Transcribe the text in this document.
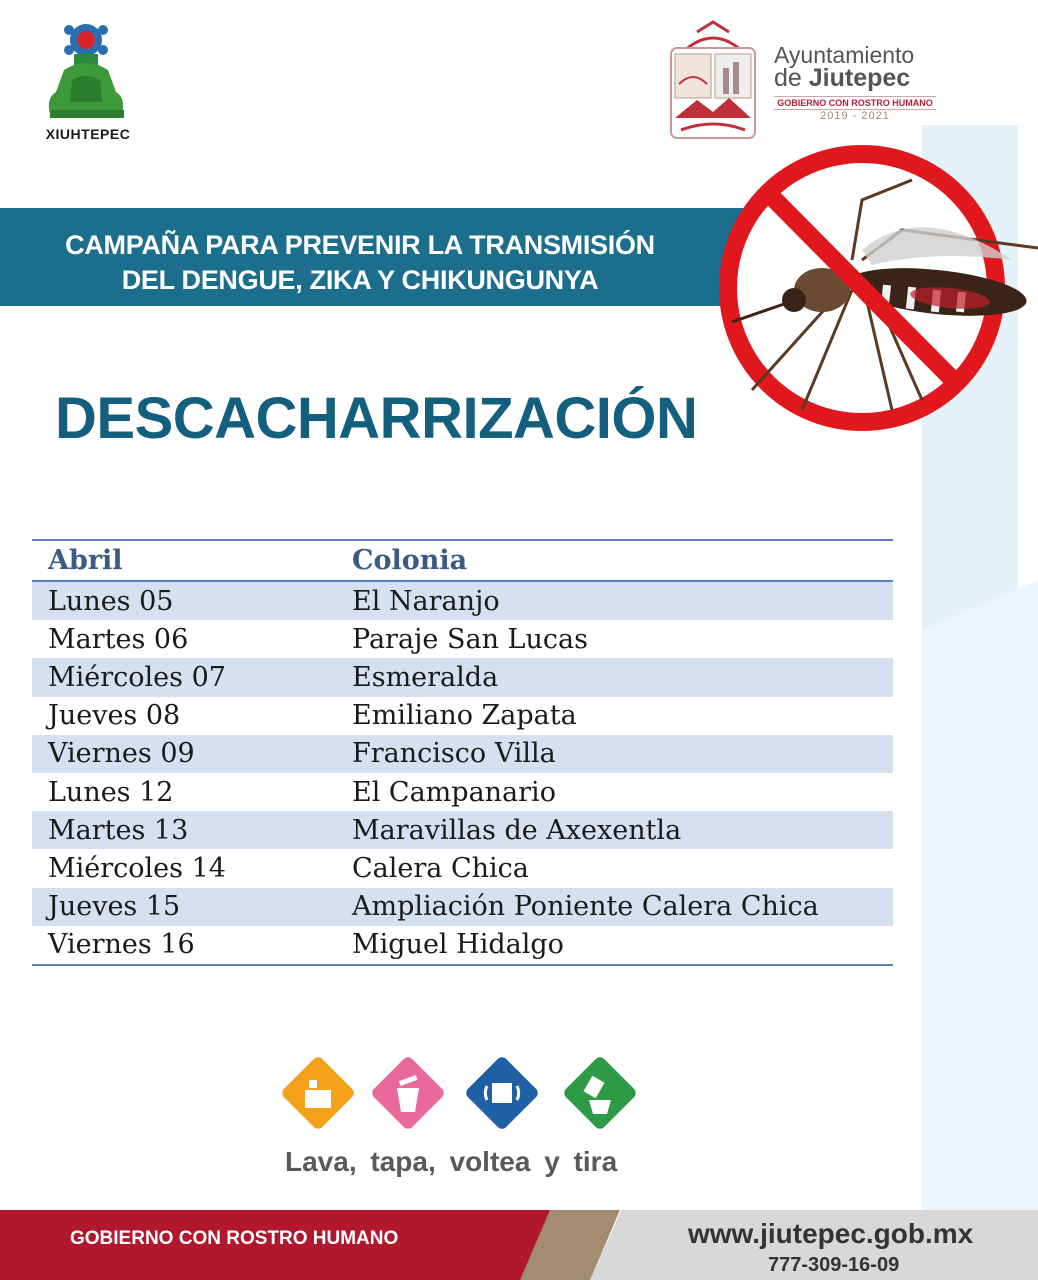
XIUHTEPEC
Ayuntamiento
de Jiutepec
GOBIERNO CON ROSTRO HUMANO
2019 - 2021
CAMPAÑA PARA PREVENIR LA TRANSMISIÓN
DEL DENGUE, ZIKA Y CHIKUNGUNYA
DESCACHARRIZACIÓN
Abril	Colonia
Lunes 05	El Naranjo
Martes 06	Paraje San Lucas
Miércoles 07	Esmeralda
Jueves 08	Emiliano Zapata
Viernes 09	Francisco Villa
Lunes 12	El Campanario
Martes 13	Maravillas de Axexentla
Miércoles 14	Calera Chica
Jueves 15	Ampliación Poniente Calera Chica
Viernes 16	Miguel Hidalgo
Lava, tapa, voltea y tira
GOBIERNO CON ROSTRO HUMANO	www.jiutepec.gob.mx
777-309-16-09
